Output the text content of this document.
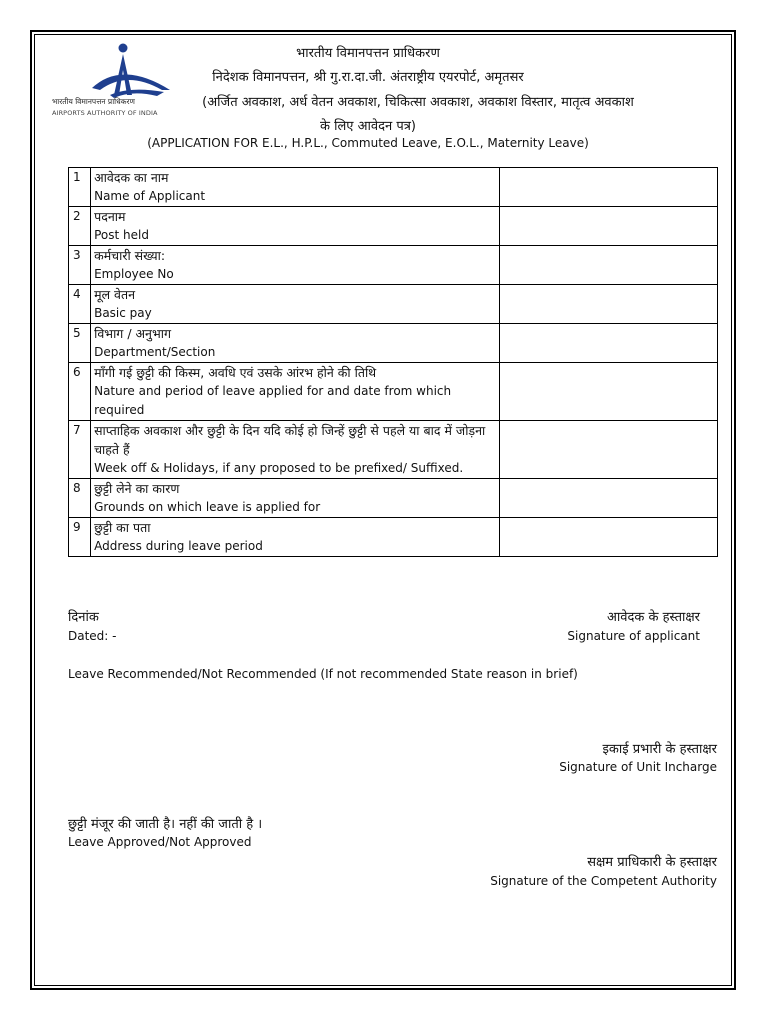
भारतीय विमानपत्तन प्राधिकरण
AIRPORTS AUTHORITY OF INDIA
भारतीय विमानपत्तन प्राधिकरण
निदेशक विमानपत्तन, श्री गु.रा.दा.जी. अंतराष्ट्रीय एयरपोर्ट, अमृतसर
(अर्जित अवकाश, अर्ध वेतन अवकाश, चिकित्सा अवकाश, अवकाश विस्तार, मातृत्व अवकाश
के लिए आवेदन पत्र)
(APPLICATION FOR E.L., H.P.L., Commuted Leave, E.O.L., Maternity Leave)
1	आवेदक का नाम
Name of Applicant	

2	पदनाम
Post held	

3	कर्मचारी संख्या:
Employee No	

4	मूल वेतन
Basic pay	

5	विभाग / अनुभाग
Department/Section	

6	माँगी गई छुट्टी की किस्म, अवधि एवं उसके आंरभ होने की तिथि
Nature and period of leave applied for and date from which
required	

7	साप्ताहिक अवकाश और छुट्टी के दिन यदि कोई हो जिन्हें छुट्टी से पहले या बाद में जोड़ना चाहते हैं
Week off & Holidays, if any proposed to be prefixed/ Suffixed.	

8	छुट्टी लेने का कारण
Grounds on which leave is applied for	

9	छुट्टी का पता
Address during leave period	

दिनांक
Dated: -
आवेदक के हस्ताक्षर
Signature of applicant
Leave Recommended/Not Recommended (If not recommended State reason in brief)
इकाई प्रभारी के हस्ताक्षर
Signature of Unit Incharge
छुट्टी मंजूर की जाती है। नहीं की जाती है ।
Leave Approved/Not Approved
सक्षम प्राधिकारी के हस्ताक्षर
Signature of the Competent Authority
